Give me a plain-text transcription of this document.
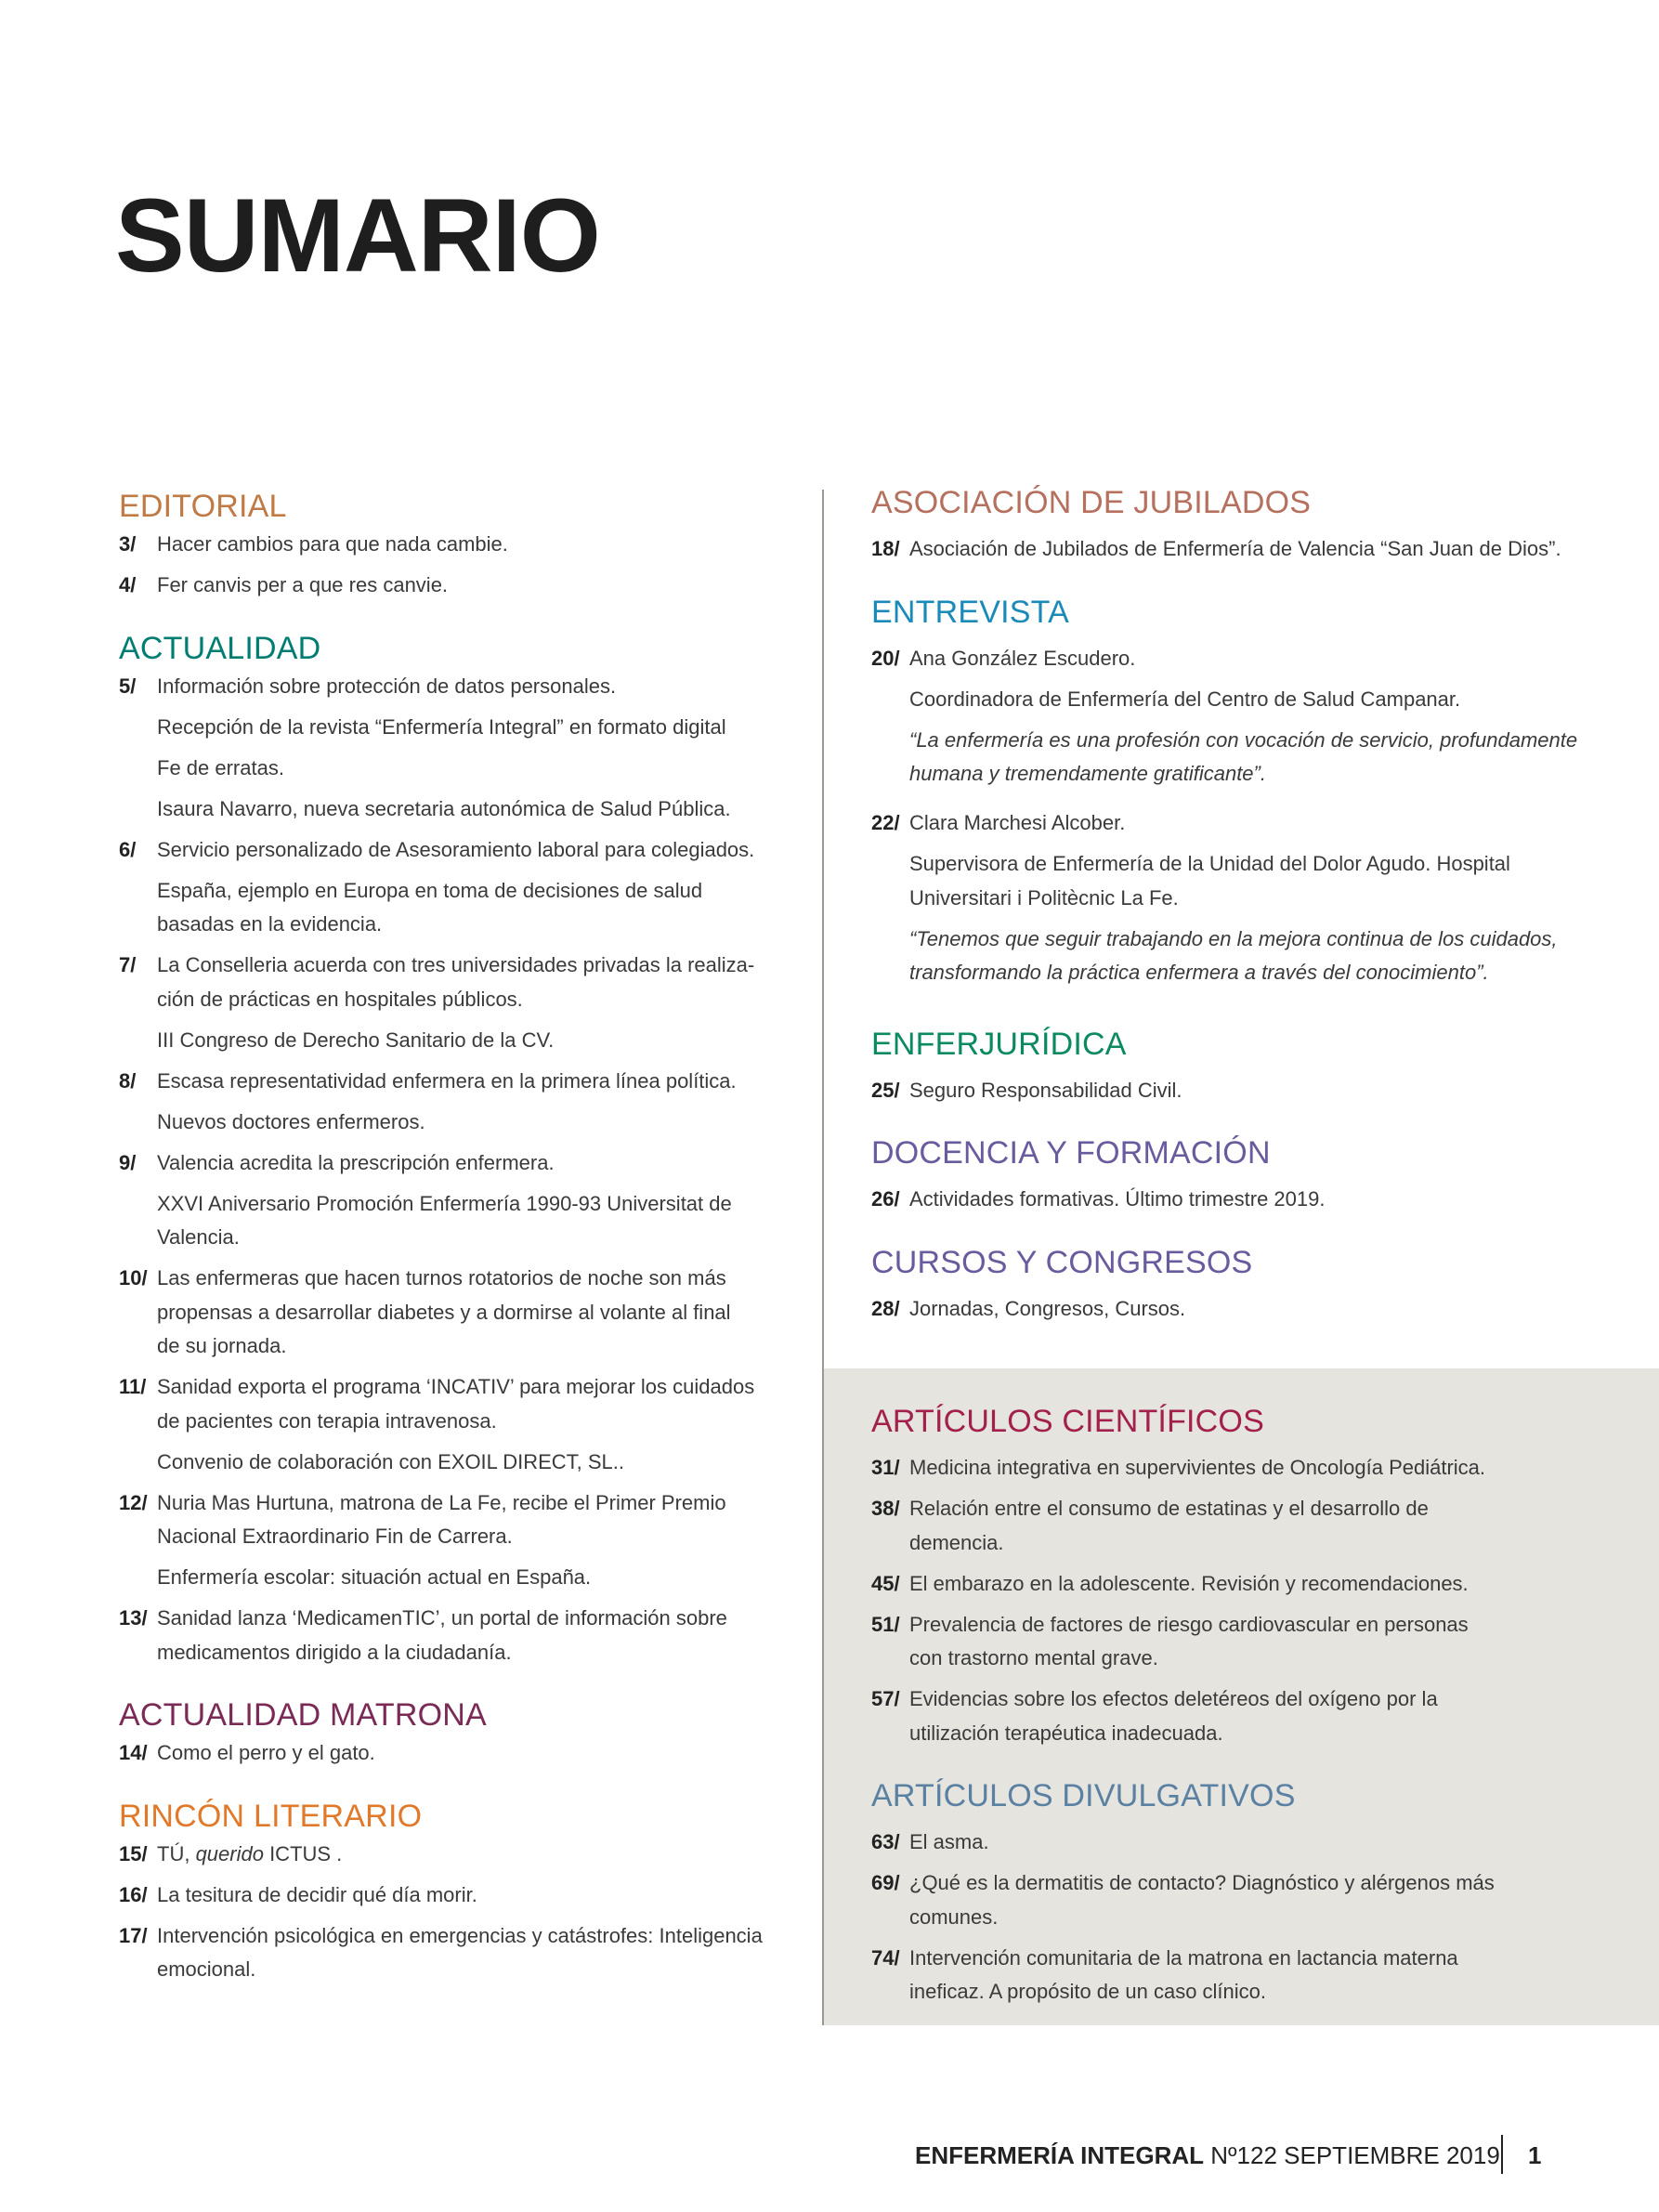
SUMARIO
EDITORIAL
3/	Hacer cambios para que nada cambie.
4/	Fer canvis per a que res canvie.
ACTUALIDAD
5/	Información sobre protección de datos personales.
Recepción de la revista “Enfermería Integral” en formato digital
Fe de erratas.
Isaura Navarro, nueva secretaria autonómica de Salud Pública.
6/	Servicio personalizado de Asesoramiento laboral para colegiados.
España, ejemplo en Europa en toma de decisiones de salud
basadas en la evidencia.
7/	La Conselleria acuerda con tres universidades privadas la realiza-
ción de prácticas en hospitales públicos.
III Congreso de Derecho Sanitario de la CV.
8/	Escasa representatividad enfermera en la primera línea política.
Nuevos doctores enfermeros.
9/	Valencia acredita la prescripción enfermera.
XXVI Aniversario Promoción Enfermería 1990-93 Universitat de
Valencia.
10/ Las enfermeras que hacen turnos rotatorios de noche son más
propensas a desarrollar diabetes y a dormirse al volante al final
de su jornada.
11/ Sanidad exporta el programa ‘INCATIV’ para mejorar los cuidados
de pacientes con terapia intravenosa.
Convenio de colaboración con EXOIL DIRECT, SL..
12/ Nuria Mas Hurtuna, matrona de La Fe, recibe el Primer Premio
Nacional Extraordinario Fin de Carrera.
Enfermería escolar: situación actual en España.
13/ Sanidad lanza ‘MedicamenTIC’, un portal de información sobre
medicamentos dirigido a la ciudadanía.
ACTUALIDAD MATRONA
14/ Como el perro y el gato.
RINCÓN LITERARIO
15/ TÚ, querido ICTUS .
16/ La tesitura de decidir qué día morir.
17/ Intervención psicológica en emergencias y catástrofes: Inteligencia
emocional.
ASOCIACIÓN DE JUBILADOS
18/ Asociación de Jubilados de Enfermería de Valencia “San Juan de Dios”.
ENTREVISTA
20/ Ana González Escudero.
Coordinadora de Enfermería del Centro de Salud Campanar.
“La enfermería es una profesión con vocación de servicio, profundamente
humana y tremendamente gratificante”.
22/ Clara Marchesi Alcober.
Supervisora de Enfermería de la Unidad del Dolor Agudo. Hospital
Universitari i Politècnic La Fe.
“Tenemos que seguir trabajando en la mejora continua de los cuidados,
transformando la práctica enfermera a través del conocimiento”.
ENFERJURÍDICA
25/ Seguro Responsabilidad Civil.
DOCENCIA Y FORMACIÓN
26/ Actividades formativas. Último trimestre 2019.
CURSOS Y CONGRESOS
28/ Jornadas, Congresos, Cursos.
ARTÍCULOS CIENTÍFICOS
31/ Medicina integrativa en supervivientes de Oncología Pediátrica.
38/ Relación entre el consumo de estatinas y el desarrollo de
demencia.
45/ El embarazo en la adolescente. Revisión y recomendaciones.
51/ Prevalencia de factores de riesgo cardiovascular en personas
con trastorno mental grave.
57/ Evidencias sobre los efectos deletéreos del oxígeno por la
utilización terapéutica inadecuada.
ARTÍCULOS DIVULGATIVOS
63/ El asma.
69/ ¿Qué es la dermatitis de contacto? Diagnóstico y alérgenos más
comunes.
74/ Intervención comunitaria de la matrona en lactancia materna
ineficaz. A propósito de un caso clínico.
ENFERMERÍA INTEGRAL Nº122 SEPTIEMBRE 2019 1
